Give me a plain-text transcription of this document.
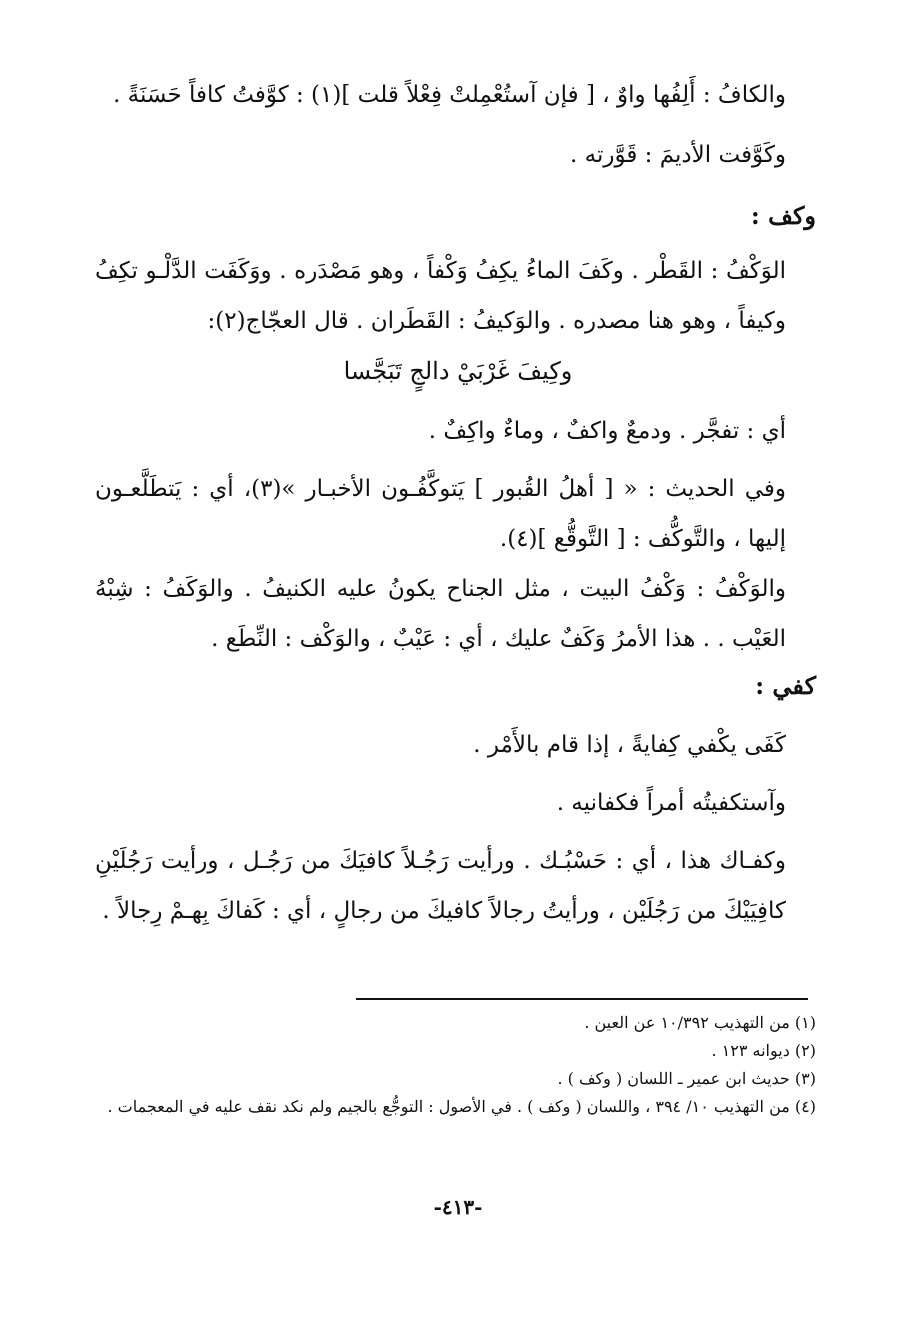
والكافُ : أَلِفُها واوٌ ، [ فإن آستُعْمِلتْ فِعْلاً قلت ](١) : كوَّفتُ كافاً حَسَنَةً .
وكَوَّفت الأديمَ : قَوَّرته .
وكف :
الوَكْفُ : القَطْر . وكَفَ الماءُ يكِفُ وَكْفاً ، وهو مَصْدَره . ووَكَفَت الدَّلْـو تكِفُ وكيفاً ، وهو هنا مصدره . والوَكيفُ : القَطَران . قال العجّاج(٢):
وكِيفَ غَرْبَيْ دالجٍ تَبَجَّسا
أي : تفجَّر . ودمعٌ واكفٌ ، وماءٌ واكِفٌ .
وفي الحديث : « [ أهلُ القُبور ] يَتوكَّفُـون الأخبـار »(٣)، أي : يَتطَلَّعـون إليها ، والتَّوكُّف : [ التَّوقُّع ](٤).
والوَكْفُ : وَكْفُ البيت ، مثل الجناح يكونُ عليه الكنيفُ . والوَكَفُ : شِبْهُ العَيْب . . هذا الأمرُ وَكَفٌ عليك ، أي : عَيْبٌ ، والوَكْف : النِّطَع .
كفي :
كَفَى يكْفي كِفايةً ، إذا قام بالأَمْر .
وآستكفيتُه أمراً فكفانيه .
وكفـاك هذا ، أي : حَسْبُـك . ورأيت رَجُـلاً كافيَكَ من رَجُـل ، ورأيت رَجُلَيْنِ كافِيَيْكَ من رَجُلَيْن ، ورأيتُ رجالاً كافيكَ من رجالٍ ، أي : كَفاكَ بِهـمْ رِجالاً .
(١) من التهذيب ١٠/٣٩٢ عن العين .
(٢) ديوانه ١٢٣ .
(٣) حديث ابن عمير ـ اللسان ( وكف ) .
(٤) من التهذيب ١٠/ ٣٩٤ ، واللسان ( وكف ) . في الأصول : التوجُّع بالجيم ولم نكد نقف عليه في المعجمات .
-٤١٣-
